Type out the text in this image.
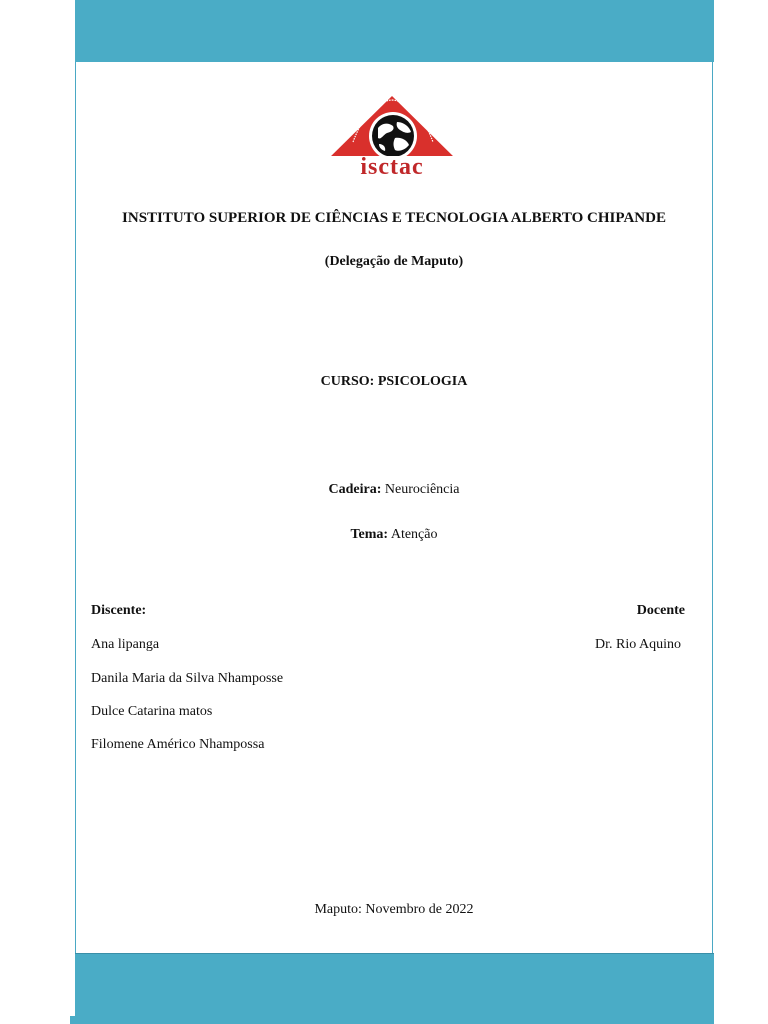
isctac
INSTITUTO SUPERIOR DE CIÊNCIAS E TECNOLOGIA ALBERTO CHIPANDE
(Delegação de Maputo)
CURSO: PSICOLOGIA
Cadeira: Neurociência
Tema: Atenção
Discente:	Docente
Ana lipanga
Danila Maria da Silva Nhamposse
Dulce Catarina matos
Filomene Américo Nhampossa
Dr. Rio Aquino
Maputo: Novembro de 2022
